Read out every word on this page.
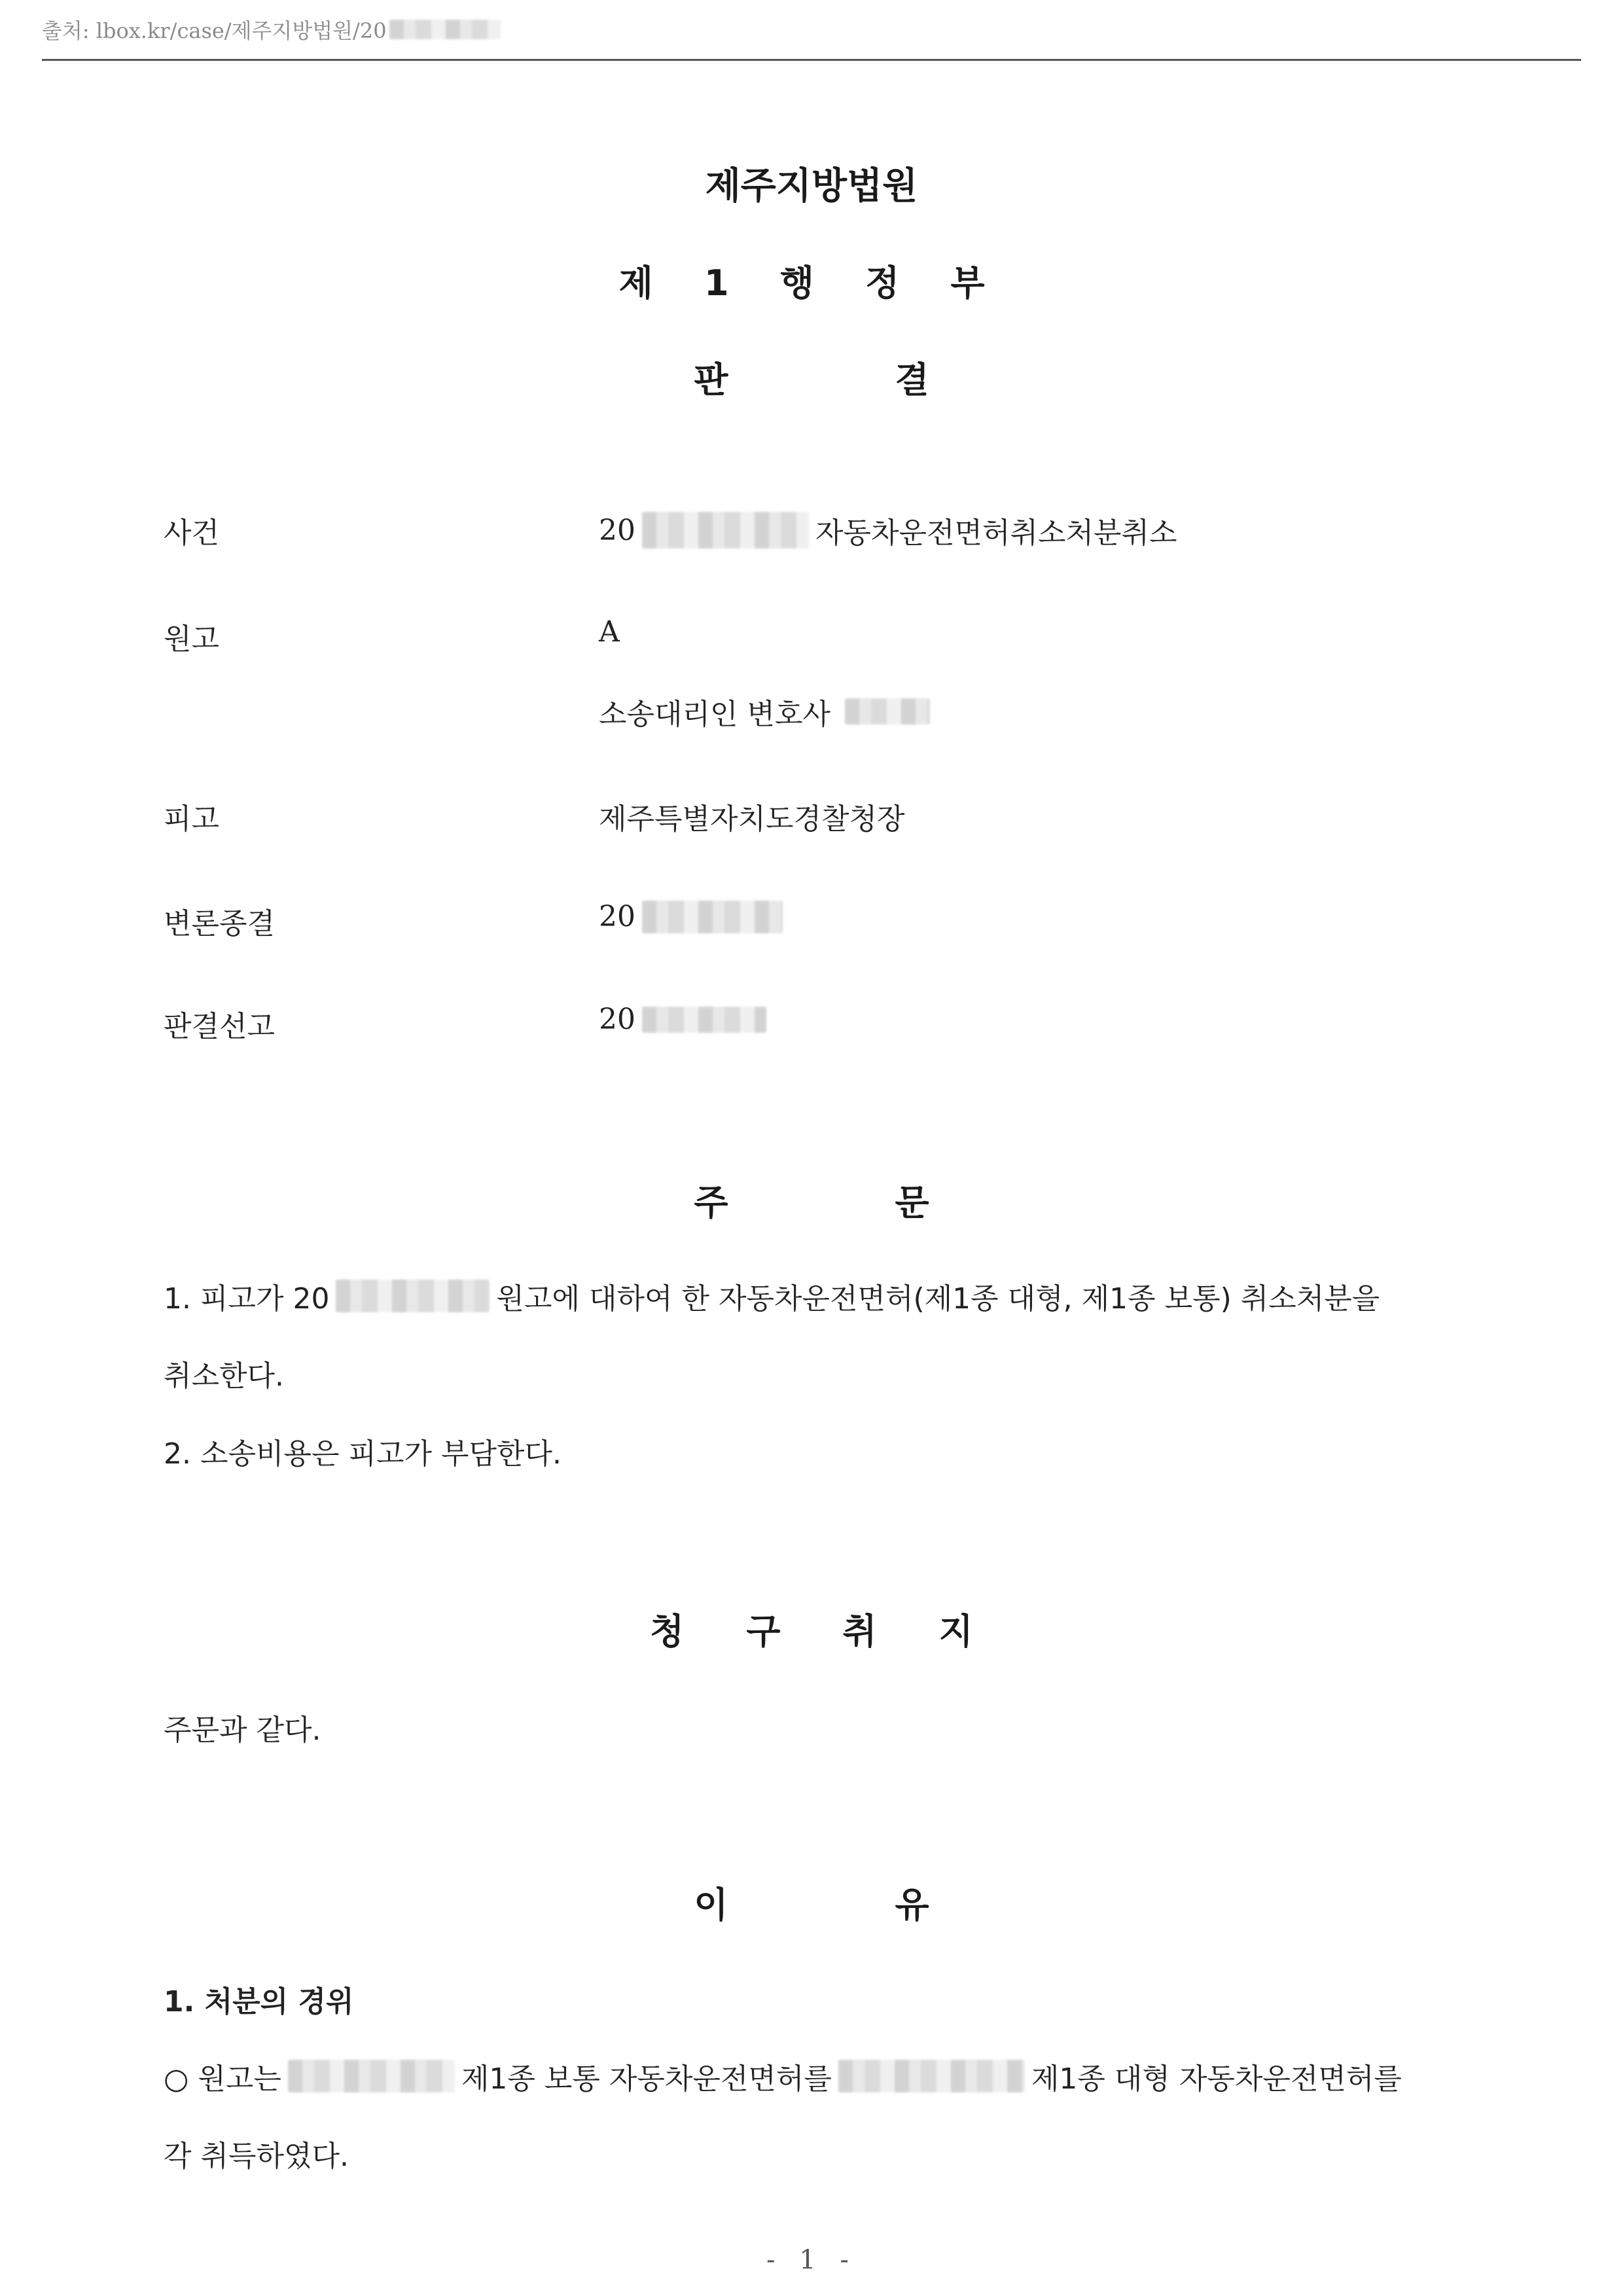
출처: lbox.kr/case/제주지방법원/20
제주지방법원
제 1 행 정 부
판	결
사건	20	자동차운전면허취소처분취소
원고	A
소송대리인 변호사
피고	제주특별자치도경찰청장
변론종결	20
판결선고	20
주	문
1. 피고가 20	원고에 대하여 한 자동차운전면허(제1종 대형, 제1종 보통) 취소처분을
취소한다.
2. 소송비용은 피고가 부담한다.
청 구 취 지
주문과 같다.
이	유
1. 처분의 경위
○ 원고는	제1종 보통 자동차운전면허를	제1종 대형 자동차운전면허를
각 취득하였다.
- 1 -
